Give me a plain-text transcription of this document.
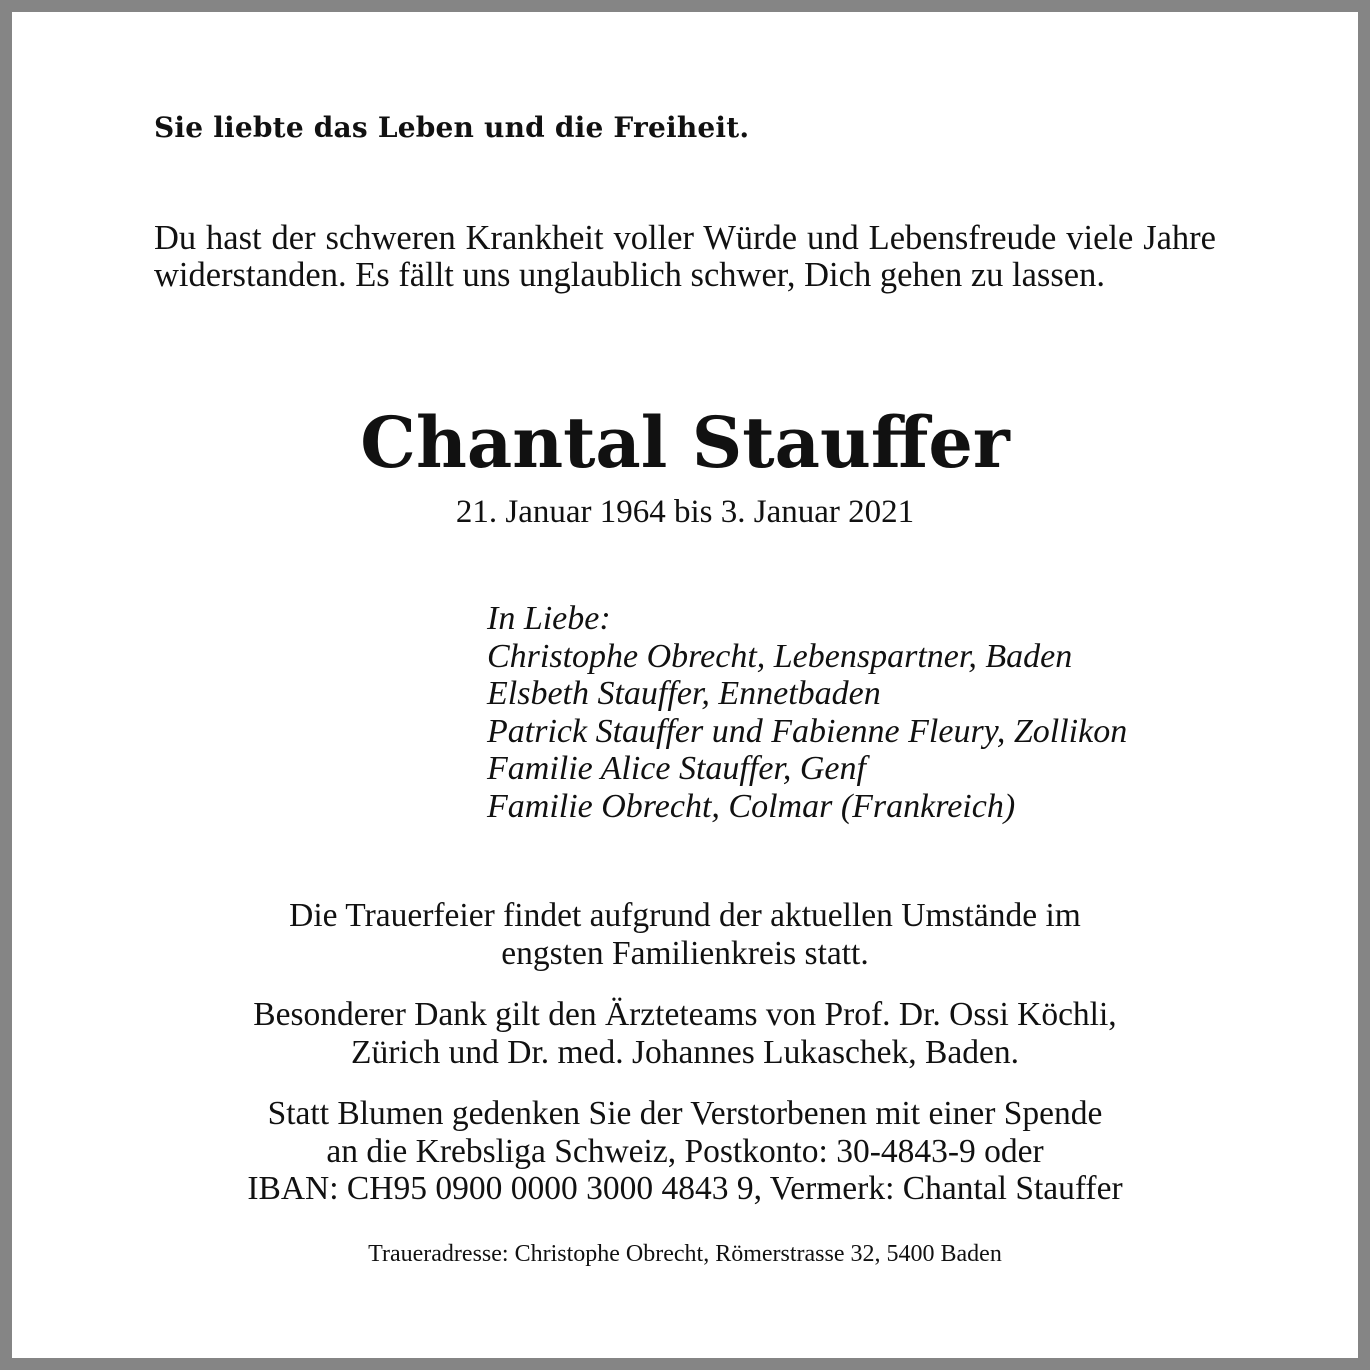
Sie liebte das Leben und die Freiheit.
Du hast der schweren Krankheit voller Würde und Lebensfreude viele Jahre widerstanden. Es fällt uns unglaublich schwer, Dich gehen zu lassen.
Chantal Stauffer
21. Januar 1964 bis 3. Januar 2021
In Liebe:
Christophe Obrecht, Lebenspartner, Baden
Elsbeth Stauffer, Ennetbaden
Patrick Stauffer und Fabienne Fleury, Zollikon
Familie Alice Stauffer, Genf
Familie Obrecht, Colmar (Frankreich)
Die Trauerfeier findet aufgrund der aktuellen Umstände im
engsten Familienkreis statt.
Besonderer Dank gilt den Ärzteteams von Prof. Dr. Ossi Köchli,
Zürich und Dr. med. Johannes Lukaschek, Baden.
Statt Blumen gedenken Sie der Verstorbenen mit einer Spende
an die Krebsliga Schweiz, Postkonto: 30-4843-9 oder
IBAN: CH95 0900 0000 3000 4843 9, Vermerk: Chantal Stauffer
Traueradresse: Christophe Obrecht, Römerstrasse 32, 5400 Baden
